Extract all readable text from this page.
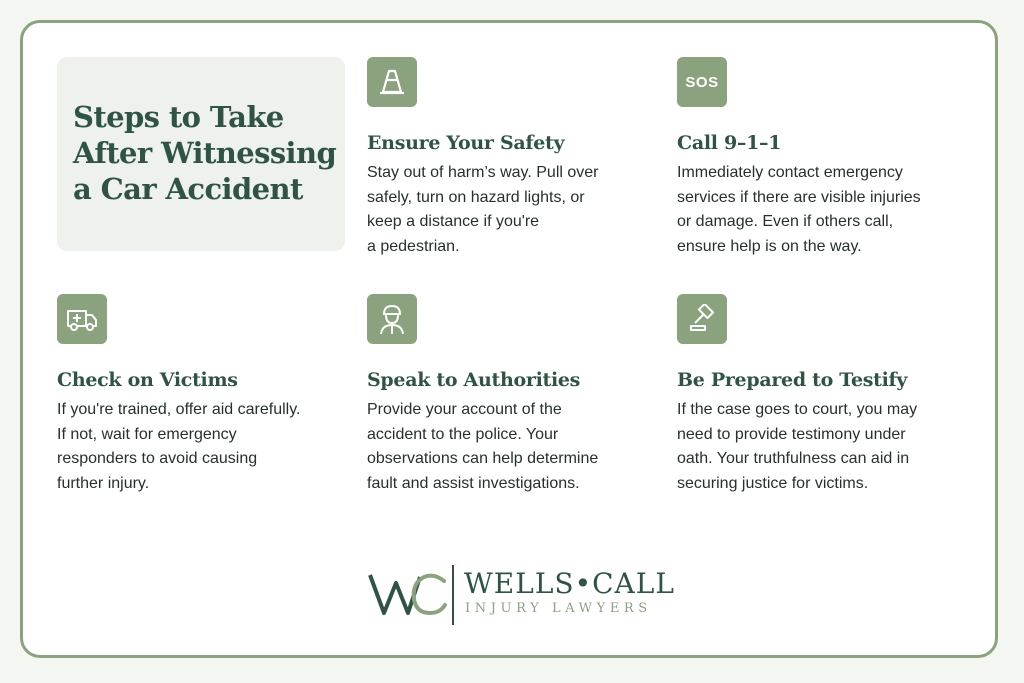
Steps to Take After Witnessing a Car Accident
Ensure Your Safety

Stay out of harm’s way. Pull over
safely, turn on hazard lights, or
keep a distance if you're
a pedestrian.

SOS
Call 9–1–1

Immediately contact emergency
services if there are visible injuries
or damage. Even if others call,
ensure help is on the way.

Check on Victims

If you're trained, offer aid carefully.
If not, wait for emergency
responders to avoid causing
further injury.

Speak to Authorities

Provide your account of the
accident to the police. Your
observations can help determine
fault and assist investigations.

Be Prepared to Testify

If the case goes to court, you may
need to provide testimony under
oath. Your truthfulness can aid in
securing justice for victims.

WELLS•CALL
INJURY LAWYERS
